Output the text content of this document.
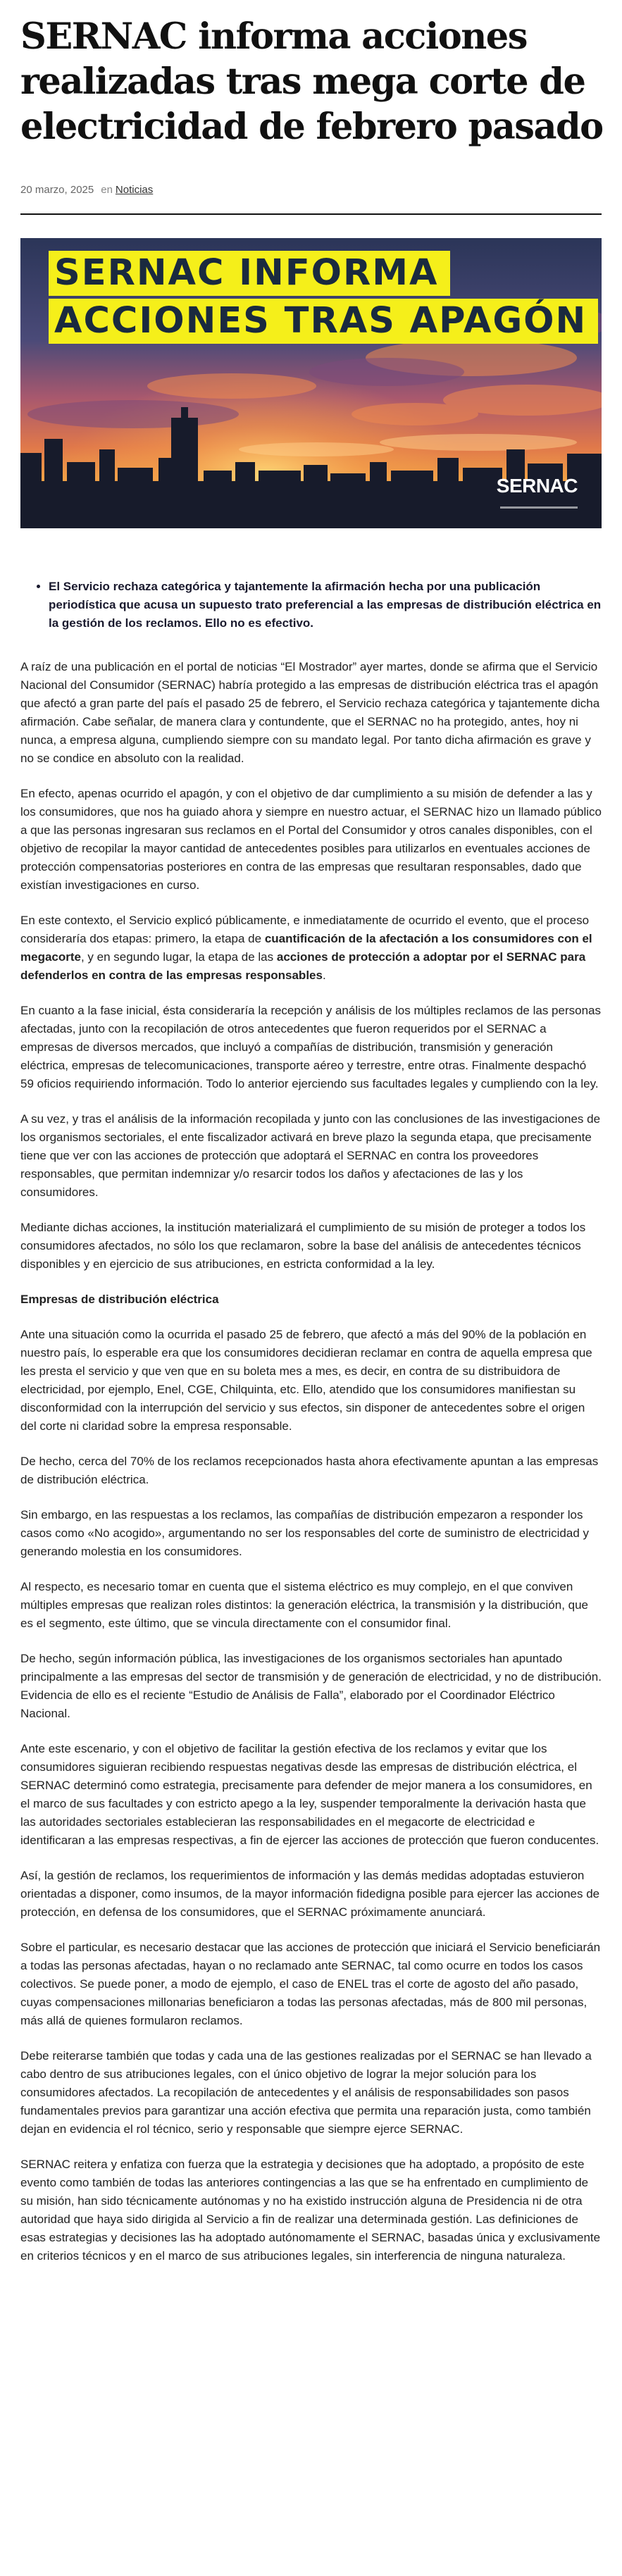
SERNAC informa acciones realizadas tras mega corte de electricidad de febrero pasado
20 marzo, 2025 en Noticias
SERNAC INFORMA
ACCIONES TRAS APAGÓN
SERNAC
• El Servicio rechaza categórica y tajantemente la afirmación hecha por una publicación periodística que acusa un supuesto trato preferencial a las empresas de distribución eléctrica en la gestión de los reclamos. Ello no es efectivo.

A raíz de una publicación en el portal de noticias “El Mostrador” ayer martes, donde se afirma que el Servicio Nacional del Consumidor (SERNAC) habría protegido a las empresas de distribución eléctrica tras el apagón que afectó a gran parte del país el pasado 25 de febrero, el Servicio rechaza categórica y tajantemente dicha afirmación. Cabe señalar, de manera clara y contundente, que el SERNAC no ha protegido, antes, hoy ni nunca, a empresa alguna, cumpliendo siempre con su mandato legal. Por tanto dicha afirmación es grave y no se condice en absoluto con la realidad.

En efecto, apenas ocurrido el apagón, y con el objetivo de dar cumplimiento a su misión de defender a las y los consumidores, que nos ha guiado ahora y siempre en nuestro actuar, el SERNAC hizo un llamado público a que las personas ingresaran sus reclamos en el Portal del Consumidor y otros canales disponibles, con el objetivo de recopilar la mayor cantidad de antecedentes posibles para utilizarlos en eventuales acciones de protección compensatorias posteriores en contra de las empresas que resultaran responsables, dado que existían investigaciones en curso.

En este contexto, el Servicio explicó públicamente, e inmediatamente de ocurrido el evento, que el proceso consideraría dos etapas: primero, la etapa de cuantificación de la afectación a los consumidores con el megacorte, y en segundo lugar, la etapa de las acciones de protección a adoptar por el SERNAC para defenderlos en contra de las empresas responsables.

En cuanto a la fase inicial, ésta consideraría la recepción y análisis de los múltiples reclamos de las personas afectadas, junto con la recopilación de otros antecedentes que fueron requeridos por el SERNAC a empresas de diversos mercados, que incluyó a compañías de distribución, transmisión y generación eléctrica, empresas de telecomunicaciones, transporte aéreo y terrestre, entre otras. Finalmente despachó 59 oficios requiriendo información. Todo lo anterior ejerciendo sus facultades legales y cumpliendo con la ley.

A su vez, y tras el análisis de la información recopilada y junto con las conclusiones de las investigaciones de los organismos sectoriales, el ente fiscalizador activará en breve plazo la segunda etapa, que precisamente tiene que ver con las acciones de protección que adoptará el SERNAC en contra los proveedores responsables, que permitan indemnizar y/o resarcir todos los daños y afectaciones de las y los consumidores.

Mediante dichas acciones, la institución materializará el cumplimiento de su misión de proteger a todos los consumidores afectados, no sólo los que reclamaron, sobre la base del análisis de antecedentes técnicos disponibles y en ejercicio de sus atribuciones, en estricta conformidad a la ley.

Empresas de distribución eléctrica

Ante una situación como la ocurrida el pasado 25 de febrero, que afectó a más del 90% de la población en nuestro país, lo esperable era que los consumidores decidieran reclamar en contra de aquella empresa que les presta el servicio y que ven que en su boleta mes a mes, es decir, en contra de su distribuidora de electricidad, por ejemplo, Enel, CGE, Chilquinta, etc. Ello, atendido que los consumidores manifiestan su disconformidad con la interrupción del servicio y sus efectos, sin disponer de antecedentes sobre el origen del corte ni claridad sobre la empresa responsable.

De hecho, cerca del 70% de los reclamos recepcionados hasta ahora efectivamente apuntan a las empresas de distribución eléctrica.

Sin embargo, en las respuestas a los reclamos, las compañías de distribución empezaron a responder los casos como «No acogido», argumentando no ser los responsables del corte de suministro de electricidad y generando molestia en los consumidores.

Al respecto, es necesario tomar en cuenta que el sistema eléctrico es muy complejo, en el que conviven múltiples empresas que realizan roles distintos: la generación eléctrica, la transmisión y la distribución, que es el segmento, este último, que se vincula directamente con el consumidor final.

De hecho, según información pública, las investigaciones de los organismos sectoriales han apuntado principalmente a las empresas del sector de transmisión y de generación de electricidad, y no de distribución. Evidencia de ello es el reciente “Estudio de Análisis de Falla”, elaborado por el Coordinador Eléctrico Nacional.

Ante este escenario, y con el objetivo de facilitar la gestión efectiva de los reclamos y evitar que los consumidores siguieran recibiendo respuestas negativas desde las empresas de distribución eléctrica, el SERNAC determinó como estrategia, precisamente para defender de mejor manera a los consumidores, en el marco de sus facultades y con estricto apego a la ley, suspender temporalmente la derivación hasta que las autoridades sectoriales establecieran las responsabilidades en el megacorte de electricidad e identificaran a las empresas respectivas, a fin de ejercer las acciones de protección que fueron conducentes.

Así, la gestión de reclamos, los requerimientos de información y las demás medidas adoptadas estuvieron orientadas a disponer, como insumos, de la mayor información fidedigna posible para ejercer las acciones de protección, en defensa de los consumidores, que el SERNAC próximamente anunciará.

Sobre el particular, es necesario destacar que las acciones de protección que iniciará el Servicio beneficiarán a todas las personas afectadas, hayan o no reclamado ante SERNAC, tal como ocurre en todos los casos colectivos. Se puede poner, a modo de ejemplo, el caso de ENEL tras el corte de agosto del año pasado, cuyas compensaciones millonarias beneficiaron a todas las personas afectadas, más de 800 mil personas, más allá de quienes formularon reclamos.

Debe reiterarse también que todas y cada una de las gestiones realizadas por el SERNAC se han llevado a cabo dentro de sus atribuciones legales, con el único objetivo de lograr la mejor solución para los consumidores afectados. La recopilación de antecedentes y el análisis de responsabilidades son pasos fundamentales previos para garantizar una acción efectiva que permita una reparación justa, como también dejan en evidencia el rol técnico, serio y responsable que siempre ejerce SERNAC.

SERNAC reitera y enfatiza con fuerza que la estrategia y decisiones que ha adoptado, a propósito de este evento como también de todas las anteriores contingencias a las que se ha enfrentado en cumplimiento de su misión, han sido técnicamente autónomas y no ha existido instrucción alguna de Presidencia ni de otra autoridad que haya sido dirigida al Servicio a fin de realizar una determinada gestión. Las definiciones de esas estrategias y decisiones las ha adoptado autónomamente el SERNAC, basadas única y exclusivamente en criterios técnicos y en el marco de sus atribuciones legales, sin interferencia de ninguna naturaleza.
